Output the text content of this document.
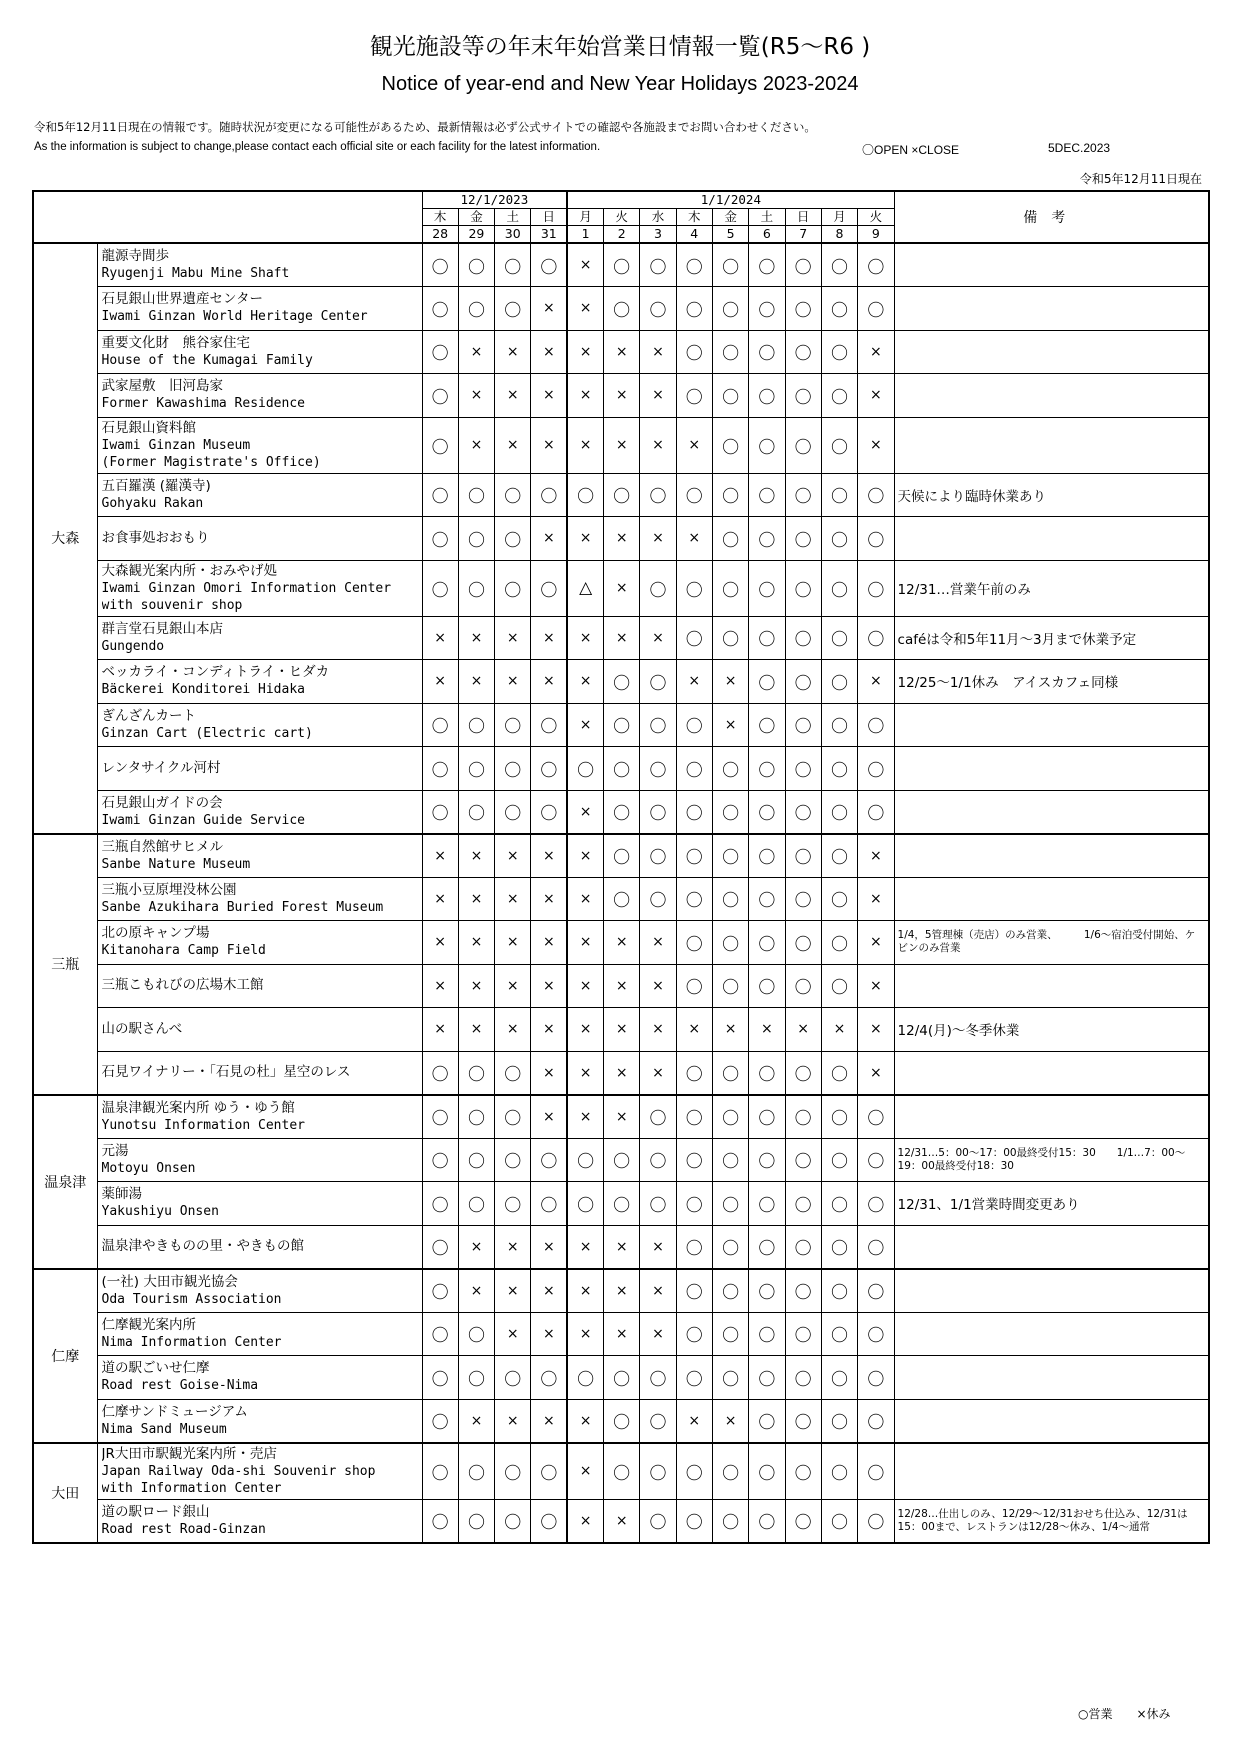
観光施設等の年末年始営業日情報一覧(R5〜R6 )
Notice of year-end and New Year Holidays 2023-2024
令和5年12月11日現在の情報です。随時状況が変更になる可能性があるため、最新情報は必ず公式サイトでの確認や各施設までお問い合わせください。
As the information is subject to change,please contact each official site or each facility for the latest information.	〇OPEN ×CLOSE	5DEC.2023
令和5年12月11日現在
		12/1/2023				1/1/2024									備考
		木	金	土	日	月	火	水	木	金	土	日	月	火	
		28	29	30	31	1	2	3	4	5	6	7	8	9	
大森	龍源寺間歩
Ryugenji Mabu Mine Shaft	〇	〇	〇	〇	×	〇	〇	〇	〇	〇	〇	〇	〇	

	石見銀山世界遺産センター
Iwami Ginzan World Heritage Center	〇	〇	〇	×	×	〇	〇	〇	〇	〇	〇	〇	〇	

	重要文化財　熊谷家住宅
House of the Kumagai Family	〇	×	×	×	×	×	×	〇	〇	〇	〇	〇	×	

	武家屋敷　旧河島家
Former Kawashima Residence	〇	×	×	×	×	×	×	〇	〇	〇	〇	〇	×	

	石見銀山資料館
Iwami Ginzan Museum
(Former Magistrate's Office)	〇	×	×	×	×	×	×	×	〇	〇	〇	〇	×	

	五百羅漢 (羅漢寺)
Gohyaku Rakan	〇	〇	〇	〇	〇	〇	〇	〇	〇	〇	〇	〇	〇	天候により臨時休業あり

	お食事処おおもり	〇	〇	〇	×	×	×	×	×	〇	〇	〇	〇	〇	

	大森観光案内所・おみやげ処
Iwami Ginzan Omori Information Center
with souvenir shop	〇	〇	〇	〇	△	×	〇	〇	〇	〇	〇	〇	〇	12/31…営業午前のみ

	群言堂石見銀山本店
Gungendo	×	×	×	×	×	×	×	〇	〇	〇	〇	〇	〇	caféは令和5年11月～3月まで休業予定

	ベッカライ・コンディトライ・ヒダカ
Bäckerei Konditorei Hidaka	×	×	×	×	×	〇	〇	×	×	〇	〇	〇	×	12/25〜1/1休み　アイスカフェ同様

	ぎんざんカート
Ginzan Cart (Electric cart)	〇	〇	〇	〇	×	〇	〇	〇	×	〇	〇	〇	〇	

	レンタサイクル河村	〇	〇	〇	〇	〇	〇	〇	〇	〇	〇	〇	〇	〇	

	石見銀山ガイドの会
Iwami Ginzan Guide Service	〇	〇	〇	〇	×	〇	〇	〇	〇	〇	〇	〇	〇	
三瓶	三瓶自然館サヒメル
Sanbe Nature Museum	×	×	×	×	×	〇	〇	〇	〇	〇	〇	〇	×	

	三瓶小豆原埋没林公園
Sanbe Azukihara Buried Forest Museum	×	×	×	×	×	〇	〇	〇	〇	〇	〇	〇	×	

	北の原キャンプ場
Kitanohara Camp Field	×	×	×	×	×	×	×	〇	〇	〇	〇	〇	×	1/4，5管理棟（売店）のみ営業、　　　1/6〜宿泊受付開始、ケビンのみ営業

	三瓶こもれびの広場木工館	×	×	×	×	×	×	×	〇	〇	〇	〇	〇	×	

	山の駅さんべ	×	×	×	×	×	×	×	×	×	×	×	×	×	12/4(月)〜冬季休業

	石見ワイナリー・「石見の杜」星空のレス	〇	〇	〇	×	×	×	×	〇	〇	〇	〇	〇	×	
温泉津	温泉津観光案内所 ゆう・ゆう館
Yunotsu Information Center	〇	〇	〇	×	×	×	〇	〇	〇	〇	〇	〇	〇	

	元湯
Motoyu Onsen	〇	〇	〇	〇	〇	〇	〇	〇	〇	〇	〇	〇	〇	12/31…5：00〜17：00最終受付15：30　　1/1…7：00〜19：00最終受付18：30

	薬師湯
Yakushiyu Onsen	〇	〇	〇	〇	〇	〇	〇	〇	〇	〇	〇	〇	〇	12/31、1/1営業時間変更あり

	温泉津やきものの里・やきもの館	〇	×	×	×	×	×	×	〇	〇	〇	〇	〇	〇	
仁摩	(一社) 大田市観光協会
Oda Tourism Association	〇	×	×	×	×	×	×	〇	〇	〇	〇	〇	〇	

	仁摩観光案内所
Nima Information Center	〇	〇	×	×	×	×	×	〇	〇	〇	〇	〇	〇	

	道の駅ごいせ仁摩
Road rest Goise-Nima	〇	〇	〇	〇	〇	〇	〇	〇	〇	〇	〇	〇	〇	

	仁摩サンドミュージアム
Nima Sand Museum	〇	×	×	×	×	〇	〇	×	×	〇	〇	〇	〇	
大田	JR大田市駅観光案内所・売店
Japan Railway Oda-shi Souvenir shop
with Information Center	〇	〇	〇	〇	×	〇	〇	〇	〇	〇	〇	〇	〇	

	道の駅ロード銀山
Road rest Road-Ginzan	〇	〇	〇	〇	×	×	〇	〇	〇	〇	〇	〇	〇	12/28…仕出しのみ、12/29〜12/31おせち仕込み、12/31は15：00まで、レストランは12/28〜休み、1/4〜通常
○営業　　×休み
